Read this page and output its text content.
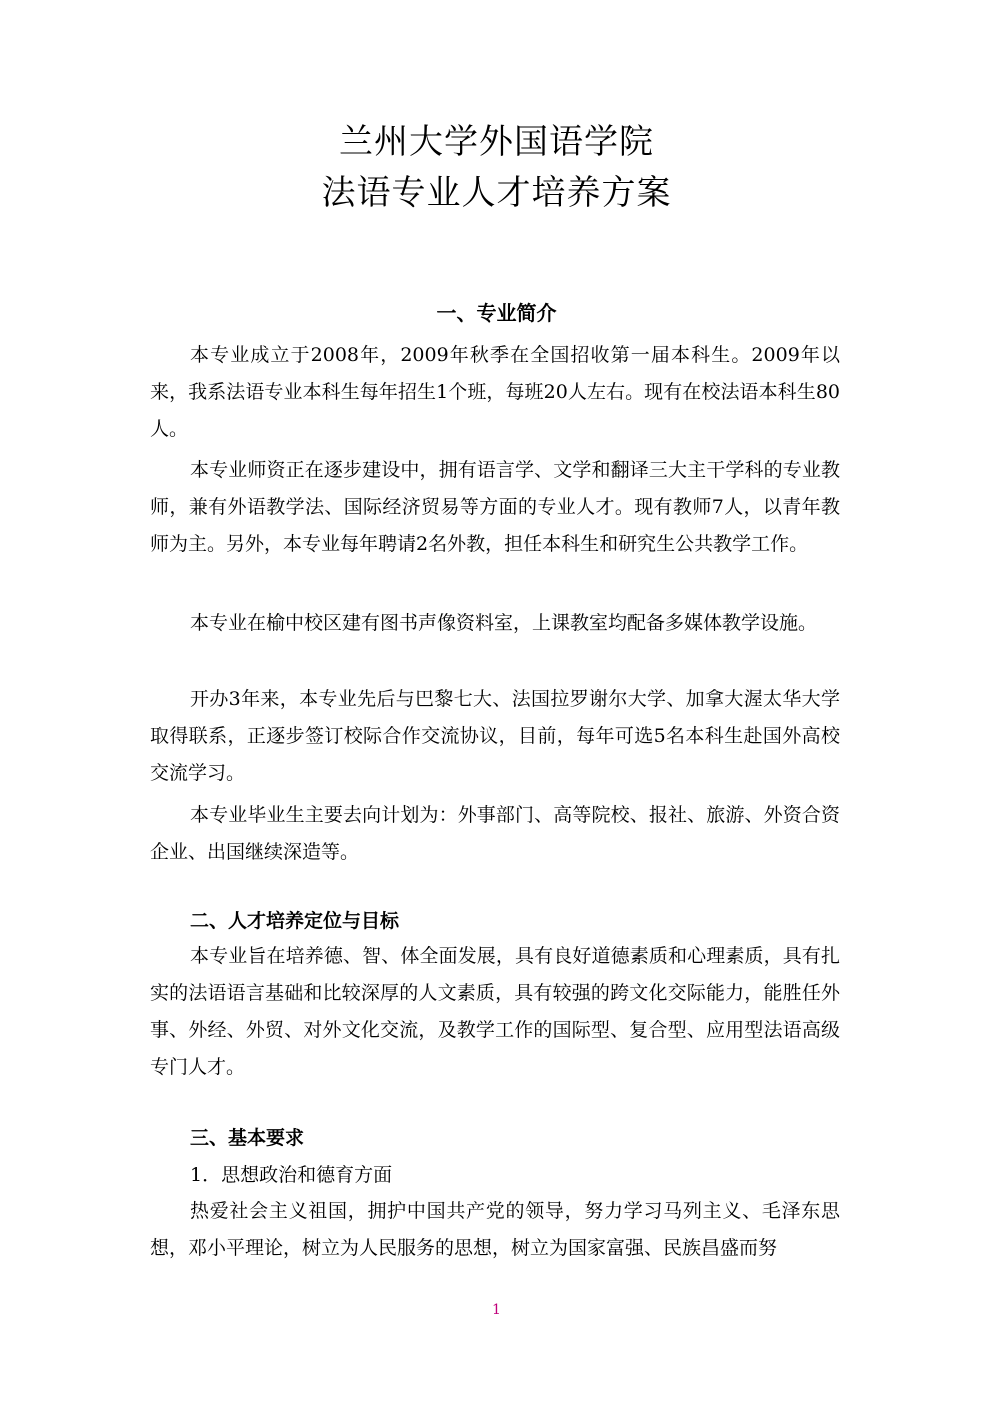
兰州大学外国语学院
法语专业人才培养方案
一、专业简介

本专业成立于2008年，2009年秋季在全国招收第一届本科生。2009年以来，我系法语专业本科生每年招生1个班，每班20人左右。现有在校法语本科生80人。

本专业师资正在逐步建设中，拥有语言学、文学和翻译三大主干学科的专业教师，兼有外语教学法、国际经济贸易等方面的专业人才。现有教师7人，以青年教师为主。另外，本专业每年聘请2名外教，担任本科生和研究生公共教学工作。

本专业在榆中校区建有图书声像资料室，上课教室均配备多媒体教学设施。

开办3年来，本专业先后与巴黎七大、法国拉罗谢尔大学、加拿大渥太华大学取得联系，正逐步签订校际合作交流协议，目前，每年可选5名本科生赴国外高校交流学习。

本专业毕业生主要去向计划为：外事部门、高等院校、报社、旅游、外资合资企业、出国继续深造等。

二、人才培养定位与目标

本专业旨在培养德、智、体全面发展，具有良好道德素质和心理素质，具有扎实的法语语言基础和比较深厚的人文素质，具有较强的跨文化交际能力，能胜任外事、外经、外贸、对外文化交流，及教学工作的国际型、复合型、应用型法语高级专门人才。

三、基本要求
1．思想政治和德育方面

热爱社会主义祖国，拥护中国共产党的领导，努力学习马列主义、毛泽东思想，邓小平理论，树立为人民服务的思想，树立为国家富强、民族昌盛而努

1
